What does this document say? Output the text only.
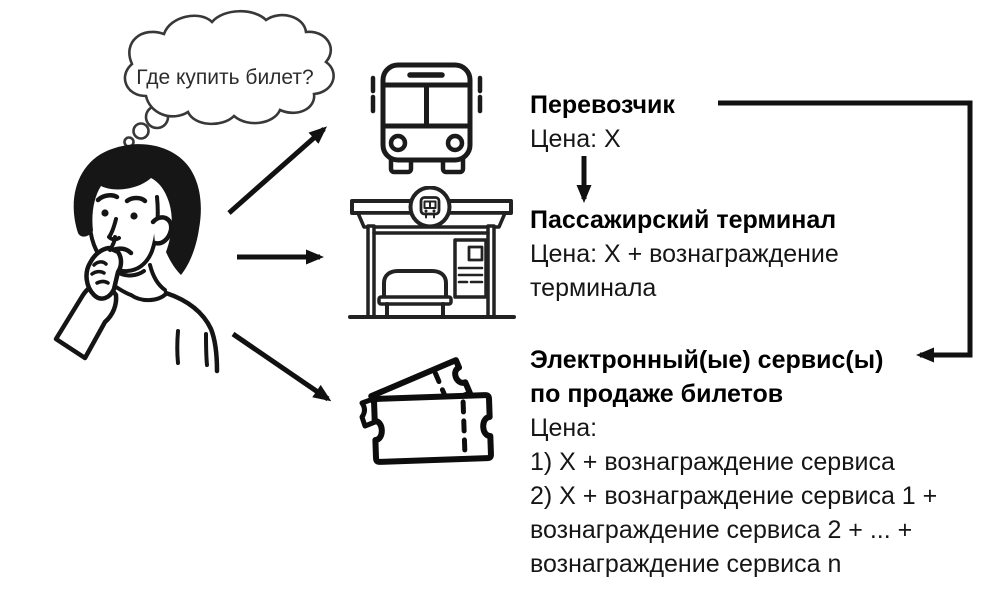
Где купить билет?
Перевозчик
Цена: X
Пассажирский терминал
Цена: X + вознаграждение
терминала
Электронный(ые) сервис(ы)
по продаже билетов
Цена:
1) X + вознаграждение сервиса
2) X + вознаграждение сервиса 1 +
вознаграждение сервиса 2 + ... +
вознаграждение сервиса n
